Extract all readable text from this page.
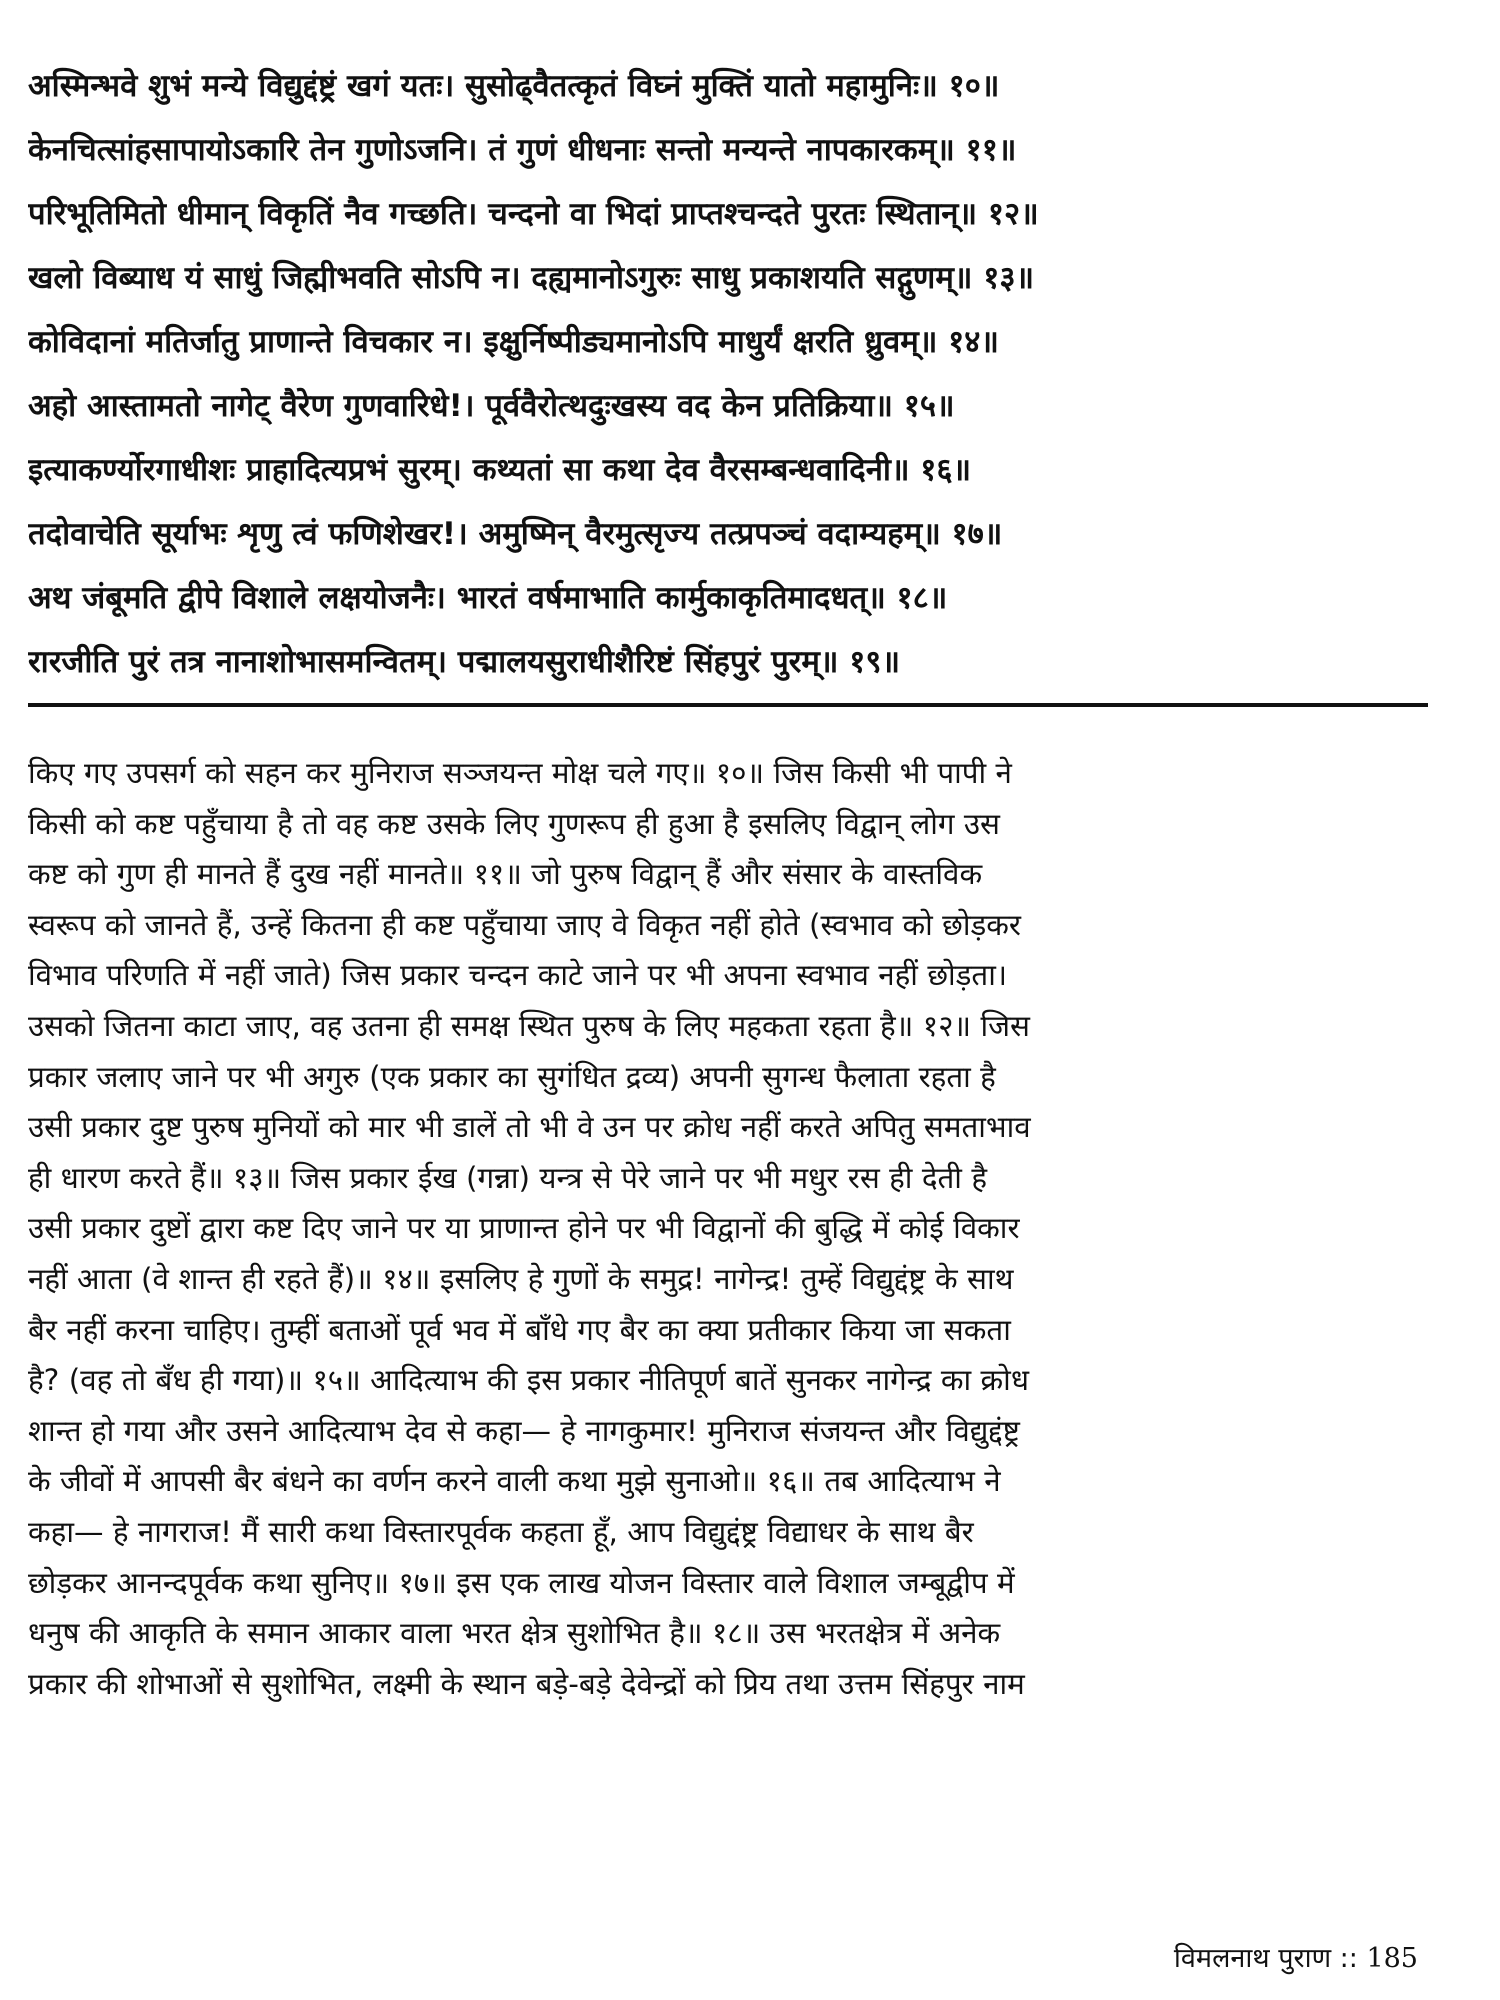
अस्मिन्भवे शुभं मन्ये विद्युद्दंष्ट्रं खगं यतः। सुसोढ्वैतत्कृतं विघ्नं मुक्तिं यातो महामुनिः॥ १०॥
केनचित्सांहसापायोऽकारि तेन गुणोऽजनि। तं गुणं धीधनाः सन्तो मन्यन्ते नापकारकम्॥ ११॥
परिभूतिमितो धीमान् विकृतिं नैव गच्छति। चन्दनो वा भिदां प्राप्तश्चन्दते पुरतः स्थितान्॥ १२॥
खलो विब्याध यं साधुं जिह्मीभवति सोऽपि न। दह्यमानोऽगुरुः साधु प्रकाशयति सद्गुणम्॥ १३॥
कोविदानां मतिर्जातु प्राणान्ते विचकार न। इक्षुर्निष्पीड्यमानोऽपि माधुर्यं क्षरति ध्रुवम्॥ १४॥
अहो आस्तामतो नागेट् वैरेण गुणवारिधे!। पूर्ववैरोत्थदुःखस्य वद केन प्रतिक्रिया॥ १५॥
इत्याकर्ण्योरगाधीशः प्राहादित्यप्रभं सुरम्। कथ्यतां सा कथा देव वैरसम्बन्धवादिनी॥ १६॥
तदोवाचेति सूर्याभः शृणु त्वं फणिशेखर!। अमुष्मिन् वैरमुत्सृज्य तत्प्रपञ्चं वदाम्यहम्॥ १७॥
अथ जंबूमति द्वीपे विशाले लक्षयोजनैः। भारतं वर्षमाभाति कार्मुकाकृतिमादधत्॥ १८॥
रारजीति पुरं तत्र नानाशोभासमन्वितम्। पद्मालयसुराधीशैरिष्टं सिंहपुरं पुरम्॥ १९॥
किए गए उपसर्ग को सहन कर मुनिराज सञ्जयन्त मोक्ष चले गए॥ १०॥ जिस किसी भी पापी ने
किसी को कष्ट पहुँचाया है तो वह कष्ट उसके लिए गुणरूप ही हुआ है इसलिए विद्वान् लोग उस
कष्ट को गुण ही मानते हैं दुख नहीं मानते॥ ११॥ जो पुरुष विद्वान् हैं और संसार के वास्तविक
स्वरूप को जानते हैं, उन्हें कितना ही कष्ट पहुँचाया जाए वे विकृत नहीं होते (स्वभाव को छोड़कर
विभाव परिणति में नहीं जाते) जिस प्रकार चन्दन काटे जाने पर भी अपना स्वभाव नहीं छोड़ता।
उसको जितना काटा जाए, वह उतना ही समक्ष स्थित पुरुष के लिए महकता रहता है॥ १२॥ जिस
प्रकार जलाए जाने पर भी अगुरु (एक प्रकार का सुगंधित द्रव्य) अपनी सुगन्ध फैलाता रहता है
उसी प्रकार दुष्ट पुरुष मुनियों को मार भी डालें तो भी वे उन पर क्रोध नहीं करते अपितु समताभाव
ही धारण करते हैं॥ १३॥ जिस प्रकार ईख (गन्ना) यन्त्र से पेरे जाने पर भी मधुर रस ही देती है
उसी प्रकार दुष्टों द्वारा कष्ट दिए जाने पर या प्राणान्त होने पर भी विद्वानों की बुद्धि में कोई विकार
नहीं आता (वे शान्त ही रहते हैं)॥ १४॥ इसलिए हे गुणों के समुद्र! नागेन्द्र! तुम्हें विद्युद्दंष्ट्र के साथ
बैर नहीं करना चाहिए। तुम्हीं बताओं पूर्व भव में बाँधे गए बैर का क्या प्रतीकार किया जा सकता
है? (वह तो बँध ही गया)॥ १५॥ आदित्याभ की इस प्रकार नीतिपूर्ण बातें सुनकर नागेन्द्र का क्रोध
शान्त हो गया और उसने आदित्याभ देव से कहा— हे नागकुमार! मुनिराज संजयन्त और विद्युद्दंष्ट्र
के जीवों में आपसी बैर बंधने का वर्णन करने वाली कथा मुझे सुनाओ॥ १६॥ तब आदित्याभ ने
कहा— हे नागराज! मैं सारी कथा विस्तारपूर्वक कहता हूँ, आप विद्युद्दंष्ट्र विद्याधर के साथ बैर
छोड़कर आनन्दपूर्वक कथा सुनिए॥ १७॥ इस एक लाख योजन विस्तार वाले विशाल जम्बूद्वीप में
धनुष की आकृति के समान आकार वाला भरत क्षेत्र सुशोभित है॥ १८॥ उस भरतक्षेत्र में अनेक
प्रकार की शोभाओं से सुशोभित, लक्ष्मी के स्थान बड़े-बड़े देवेन्द्रों को प्रिय तथा उत्तम सिंहपुर नाम
विमलनाथ पुराण :: 185
